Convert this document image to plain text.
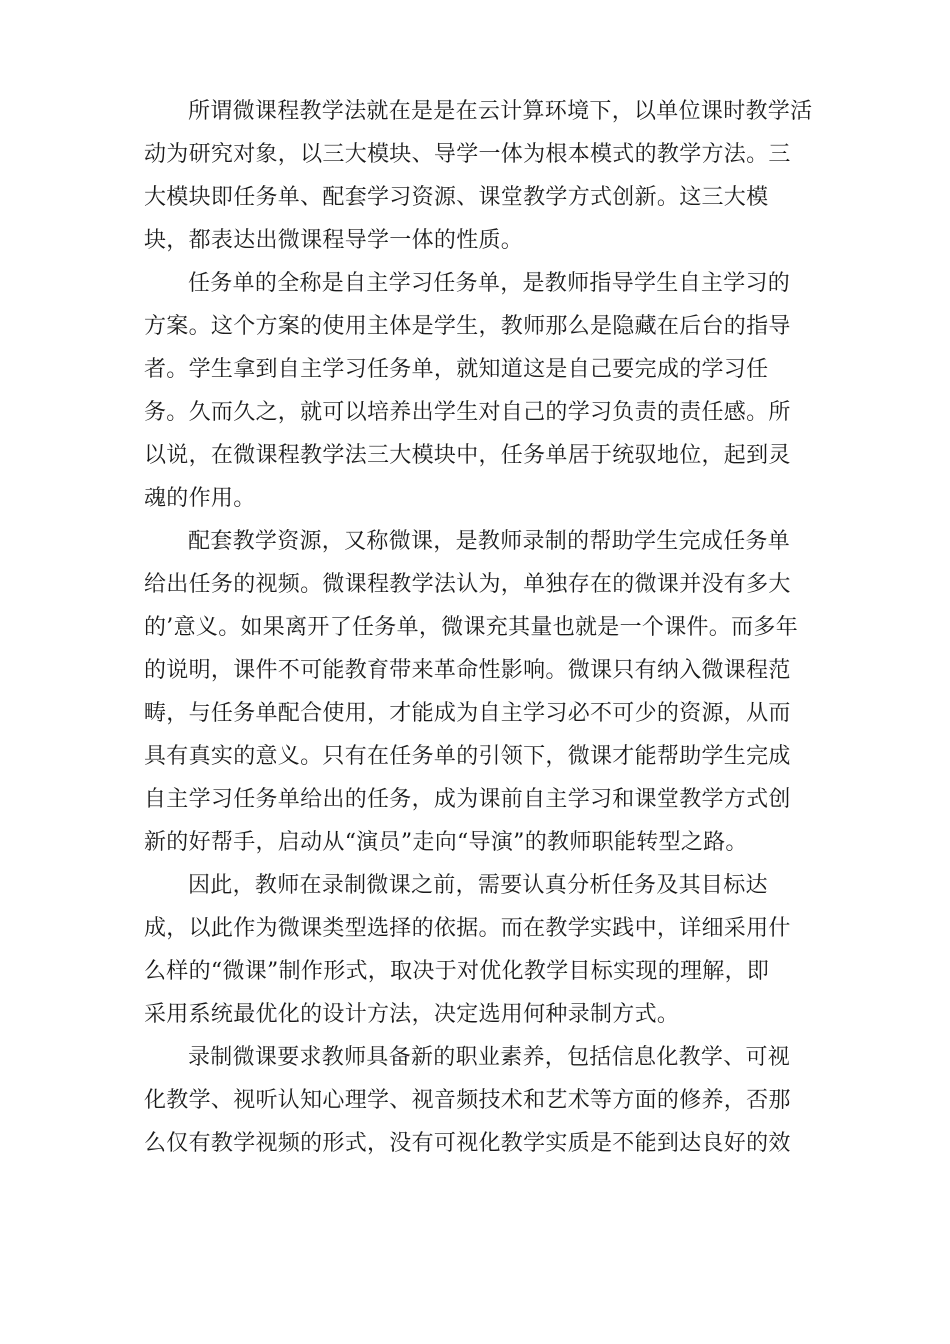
所谓微课程教学法就在是是在云计算环境下，以单位课时教学活
动为研究对象，以三大模块、导学一体为根本模式的教学方法。三
大模块即任务单、配套学习资源、课堂教学方式创新。这三大模
块，都表达出微课程导学一体的性质。
任务单的全称是自主学习任务单，是教师指导学生自主学习的
方案。这个方案的使用主体是学生，教师那么是隐藏在后台的指导
者。学生拿到自主学习任务单，就知道这是自己要完成的学习任
务。久而久之，就可以培养出学生对自己的学习负责的责任感。所
以说，在微课程教学法三大模块中，任务单居于统驭地位，起到灵
魂的作用。
配套教学资源，又称微课，是教师录制的帮助学生完成任务单
给出任务的视频。微课程教学法认为，单独存在的微课并没有多大
的’意义。如果离开了任务单，微课充其量也就是一个课件。而多年
的说明，课件不可能教育带来革命性影响。微课只有纳入微课程范
畴，与任务单配合使用，才能成为自主学习必不可少的资源，从而
具有真实的意义。只有在任务单的引领下，微课才能帮助学生完成
自主学习任务单给出的任务，成为课前自主学习和课堂教学方式创
新的好帮手，启动从“演员”走向“导演”的教师职能转型之路。
因此，教师在录制微课之前，需要认真分析任务及其目标达
成，以此作为微课类型选择的依据。而在教学实践中，详细采用什
么样的“微课”制作形式，取决于对优化教学目标实现的理解，即
采用系统最优化的设计方法，决定选用何种录制方式。
录制微课要求教师具备新的职业素养，包括信息化教学、可视
化教学、视听认知心理学、视音频技术和艺术等方面的修养，否那
么仅有教学视频的形式，没有可视化教学实质是不能到达良好的效
